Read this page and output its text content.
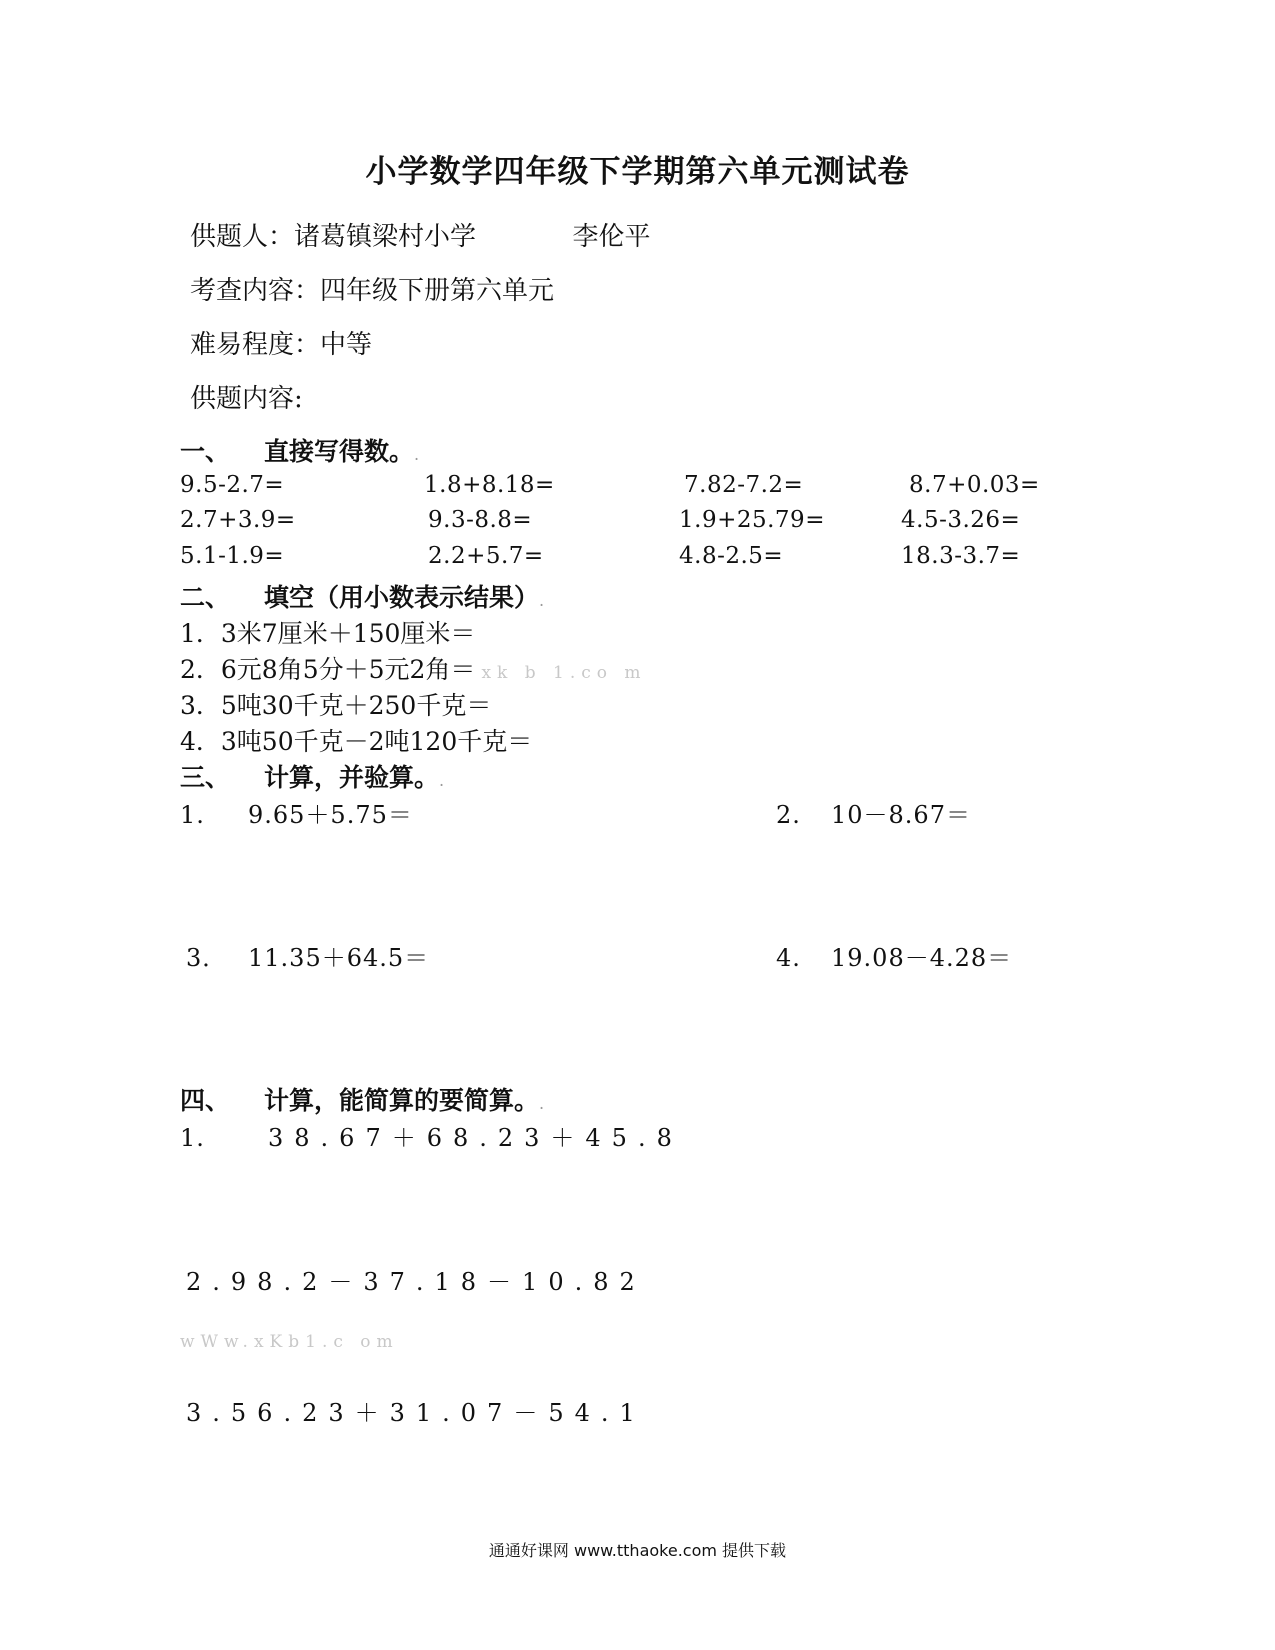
小学数学四年级下学期第六单元测试卷
供题人：诸葛镇梁村小学	李伦平
考查内容：四年级下册第六单元
难易程度：中等
供题内容:
一、 直接写得数。.
9.5-2.7=	1.8+8.18=	7.82-7.2=	8.7+0.03=
2.7+3.9=	9.3-8.8=	1.9+25.79=	4.5-3.26=
5.1-1.9=	2.2+5.7=	4.8-2.5=	18.3-3.7=
二、 填空（用小数表示结果）.
1．3米7厘米＋150厘米＝
2．6元8角5分＋5元2角＝ xk b 1.co m
3．5吨30千克＋250千克＝
4．3吨50千克－2吨120千克＝
三、 计算，并验算。.
1. 9.65＋5.75＝	2. 10－8.67＝
3． 11.35＋64.5＝	4. 19.08－4.28＝
四、 计算，能简算的要简算。.
1.	38.67＋68.23＋45.8
2.98.2－37.18－10.82
wWw.xKb1.c om
3.56.23＋31.07－54.1
通通好课网 www.tthaoke.com 提供下载
